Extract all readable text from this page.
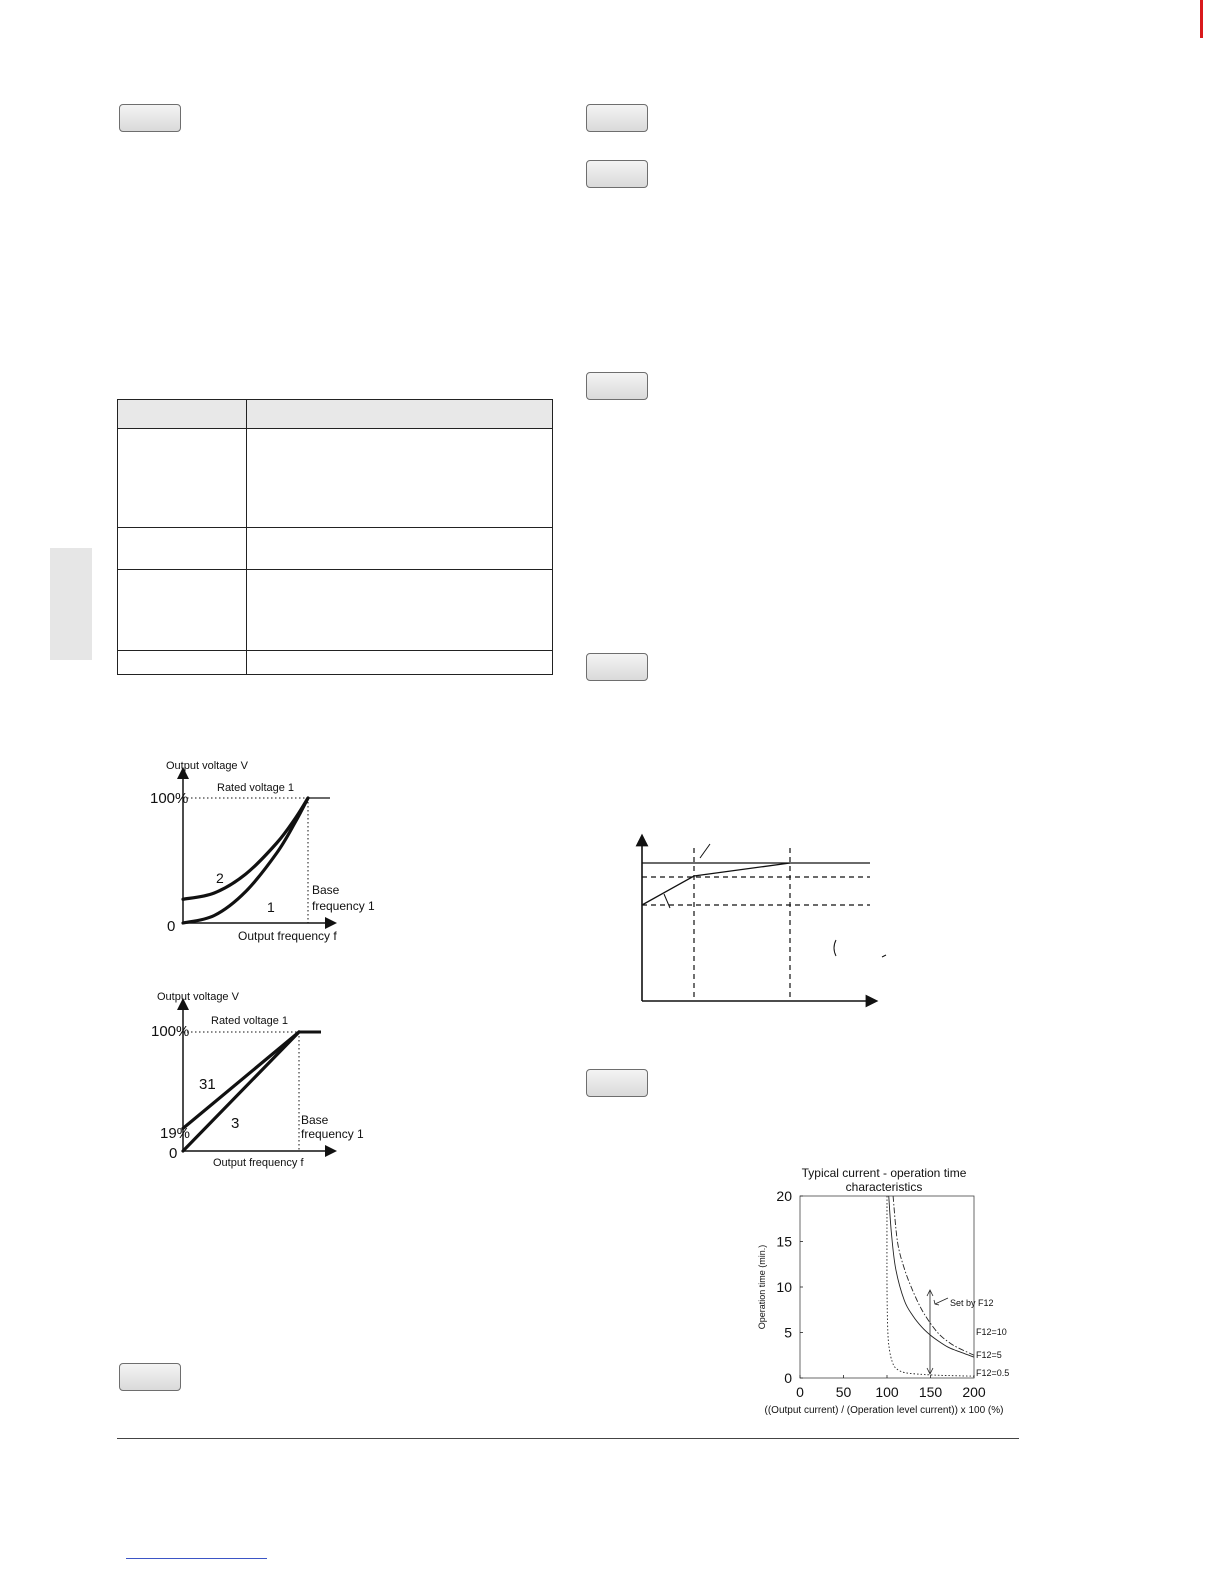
Output voltage V
Rated voltage 1
100%
0
Output frequency f
Base
frequency 1
2
1
Output voltage V
Rated voltage 1
100%
19%
0
Output frequency f
Base
frequency 1
31
3
200
150
100
50
0
20
15
10
5
0
Typical current - operation time
characteristics
Operation time (min.)
((Output current) / (Operation level current)) x 100 (%)
Set by F12
F12=10
F12=5
F12=0.5
